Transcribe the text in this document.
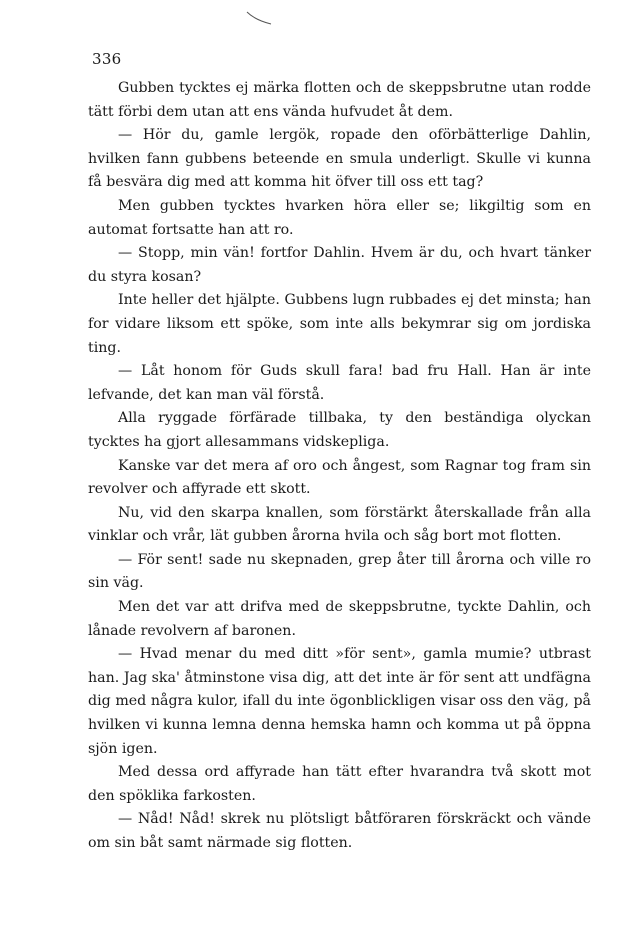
336

Gubben tycktes ej märka flotten och de skeppsbrutne utan rodde tätt förbi dem utan att ens vända hufvudet åt dem.

— Hör du, gamle lergök, ropade den oförbätterlige Dahlin, hvilken fann gubbens beteende en smula underligt. Skulle vi kunna få besvära dig med att komma hit öfver till oss ett tag?

Men gubben tycktes hvarken höra eller se; likgiltig som en automat fortsatte han att ro.

— Stopp, min vän! fortfor Dahlin. Hvem är du, och hvart tänker du styra kosan?

Inte heller det hjälpte. Gubbens lugn rubbades ej det minsta; han for vidare liksom ett spöke, som inte alls bekymrar sig om jordiska ting.

— Låt honom för Guds skull fara! bad fru Hall. Han är inte lefvande, det kan man väl förstå.

Alla ryggade förfärade tillbaka, ty den beständiga olyckan tycktes ha gjort allesammans vidskepliga.

Kanske var det mera af oro och ångest, som Ragnar tog fram sin revolver och affyrade ett skott.

Nu, vid den skarpa knallen, som förstärkt återskallade från alla vinklar och vrår, lät gubben årorna hvila och såg bort mot flotten.

— För sent! sade nu skepnaden, grep åter till årorna och ville ro sin väg.

Men det var att drifva med de skeppsbrutne, tyckte Dahlin, och lånade revolvern af baronen.

— Hvad menar du med ditt »för sent», gamla mumie? utbrast han. Jag ska' åtminstone visa dig, att det inte är för sent att undfägna dig med några kulor, ifall du inte ögonblickligen visar oss den väg, på hvilken vi kunna lemna denna hemska hamn och komma ut på öppna sjön igen.

Med dessa ord affyrade han tätt efter hvarandra två skott mot den spöklika farkosten.

— Nåd! Nåd! skrek nu plötsligt båtföraren förskräckt och vände om sin båt samt närmade sig flotten.
